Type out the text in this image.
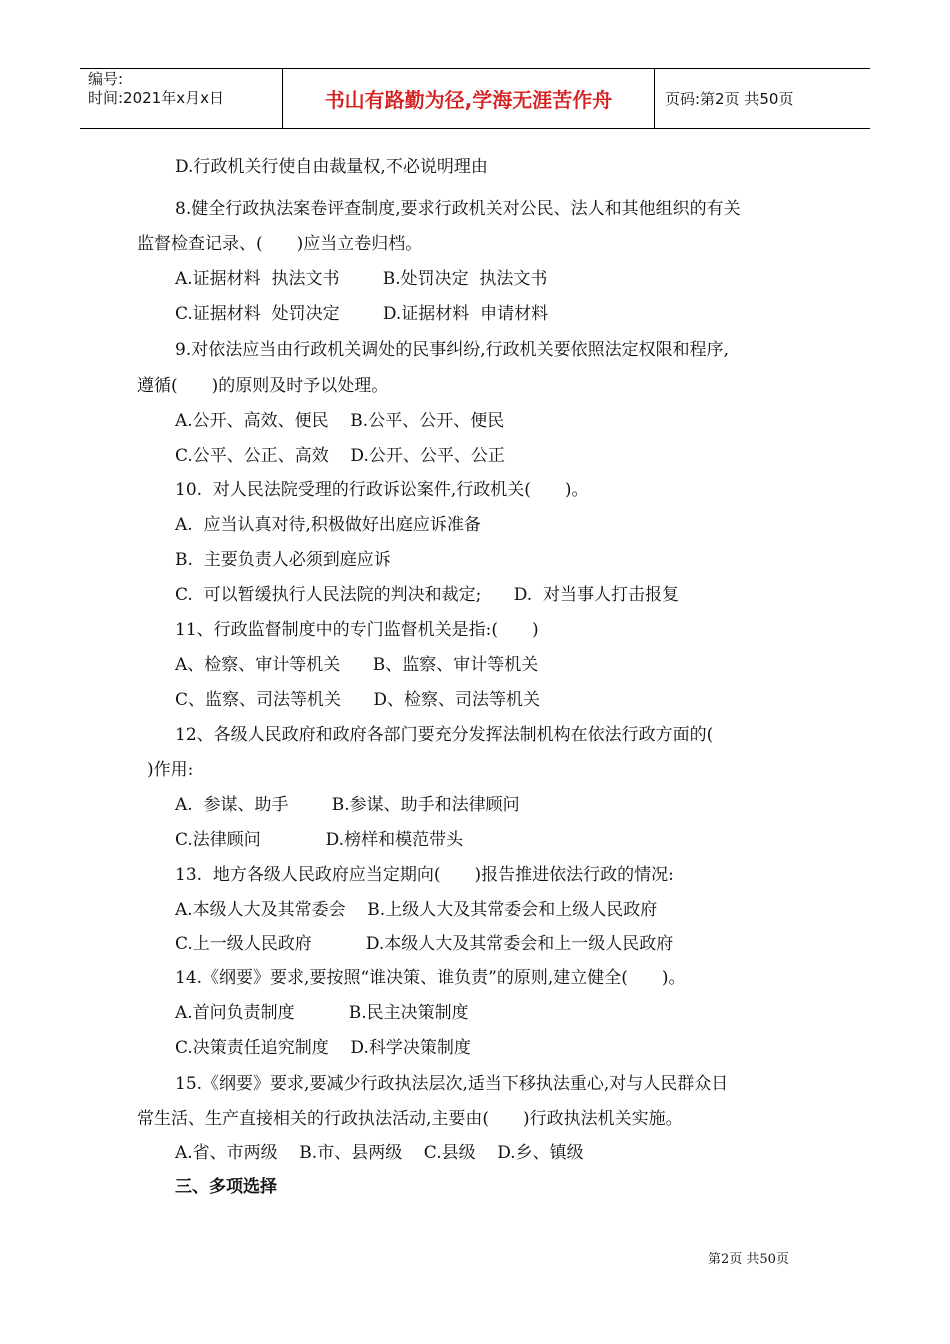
编号:
时间:2021年x月x日	书山有路勤为径,学海无涯苦作舟	页码:第2页 共50页
D.行政机关行使自由裁量权,不必说明理由
8.健全行政执法案卷评查制度,要求行政机关对公民、法人和其他组织的有关
监督检查记录、(　　)应当立卷归档。
A.证据材料  执法文书        B.处罚决定  执法文书
C.证据材料  处罚决定        D.证据材料  申请材料
9.对依法应当由行政机关调处的民事纠纷,行政机关要依照法定权限和程序,
遵循(　　)的原则及时予以处理。
A.公开、高效、便民    B.公平、公开、便民
C.公平、公正、高效    D.公开、公平、公正
10.  对人民法院受理的行政诉讼案件,行政机关(　　)。
A.  应当认真对待,积极做好出庭应诉准备
B.  主要负责人必须到庭应诉
C.  可以暂缓执行人民法院的判决和裁定;      D.  对当事人打击报复
11、行政监督制度中的专门监督机关是指:(　　)
A、检察、审计等机关      B、监察、审计等机关
C、监察、司法等机关      D、检察、司法等机关
12、各级人民政府和政府各部门要充分发挥法制机构在依法行政方面的(
)作用:
A.  参谋、助手        B.参谋、助手和法律顾问
C.法律顾问            D.榜样和模范带头
13.  地方各级人民政府应当定期向(　　)报告推进依法行政的情况:
A.本级人大及其常委会    B.上级人大及其常委会和上级人民政府
C.上一级人民政府          D.本级人大及其常委会和上一级人民政府
14.《纲要》要求,要按照“谁决策、谁负责”的原则,建立健全(　　)。
A.首问负责制度          B.民主决策制度
C.决策责任追究制度    D.科学决策制度
15.《纲要》要求,要减少行政执法层次,适当下移执法重心,对与人民群众日
常生活、生产直接相关的行政执法活动,主要由(　　)行政执法机关实施。
A.省、市两级    B.市、县两级    C.县级    D.乡、镇级
三、多项选择
第2页 共50页
